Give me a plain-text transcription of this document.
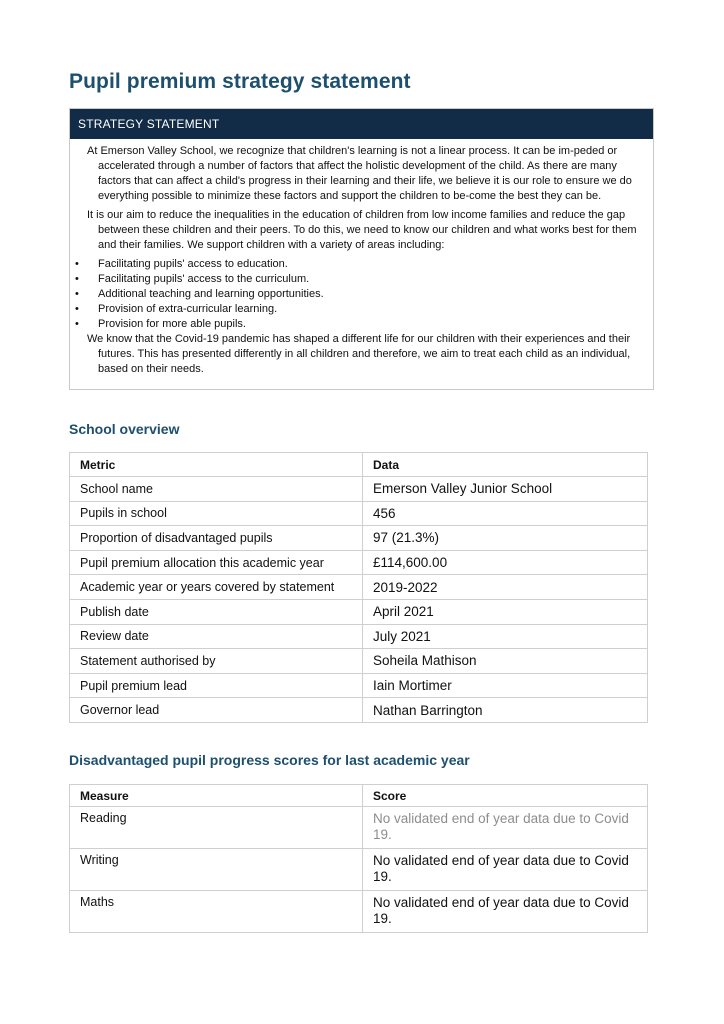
Pupil premium strategy statement
STRATEGY STATEMENT

At Emerson Valley School, we recognize that children's learning is not a linear process. It can be im-peded or accelerated through a number of factors that affect the holistic development of the child. As there are many factors that can affect a child's progress in their learning and their life, we believe it is our role to ensure we do everything possible to minimize these factors and support the children to be-come the best they can be.

It is our aim to reduce the inequalities in the education of children from low income families and reduce the gap between these children and their peers. To do this, we need to know our children and what works best for them and their families. We support children with a variety of areas including:

• Facilitating pupils' access to education.
• Facilitating pupils' access to the curriculum.
• Additional teaching and learning opportunities.
• Provision of extra-curricular learning.
• Provision for more able pupils.

We know that the Covid-19 pandemic has shaped a different life for our children with their experiences and their futures. This has presented differently in all children and therefore, we aim to treat each child as an individual, based on their needs.

School overview
Metric	Data
School name	Emerson Valley Junior School
Pupils in school	456
Proportion of disadvantaged pupils	97 (21.3%)
Pupil premium allocation this academic year	£114,600.00
Academic year or years covered by statement	2019-2022
Publish date	April 2021
Review date	July 2021
Statement authorised by	Soheila Mathison
Pupil premium lead	Iain Mortimer
Governor lead	Nathan Barrington
Disadvantaged pupil progress scores for last academic year
Measure	Score
Reading	No validated end of year data due to Covid 19.
Writing	No validated end of year data due to Covid 19.
Maths	No validated end of year data due to Covid 19.
